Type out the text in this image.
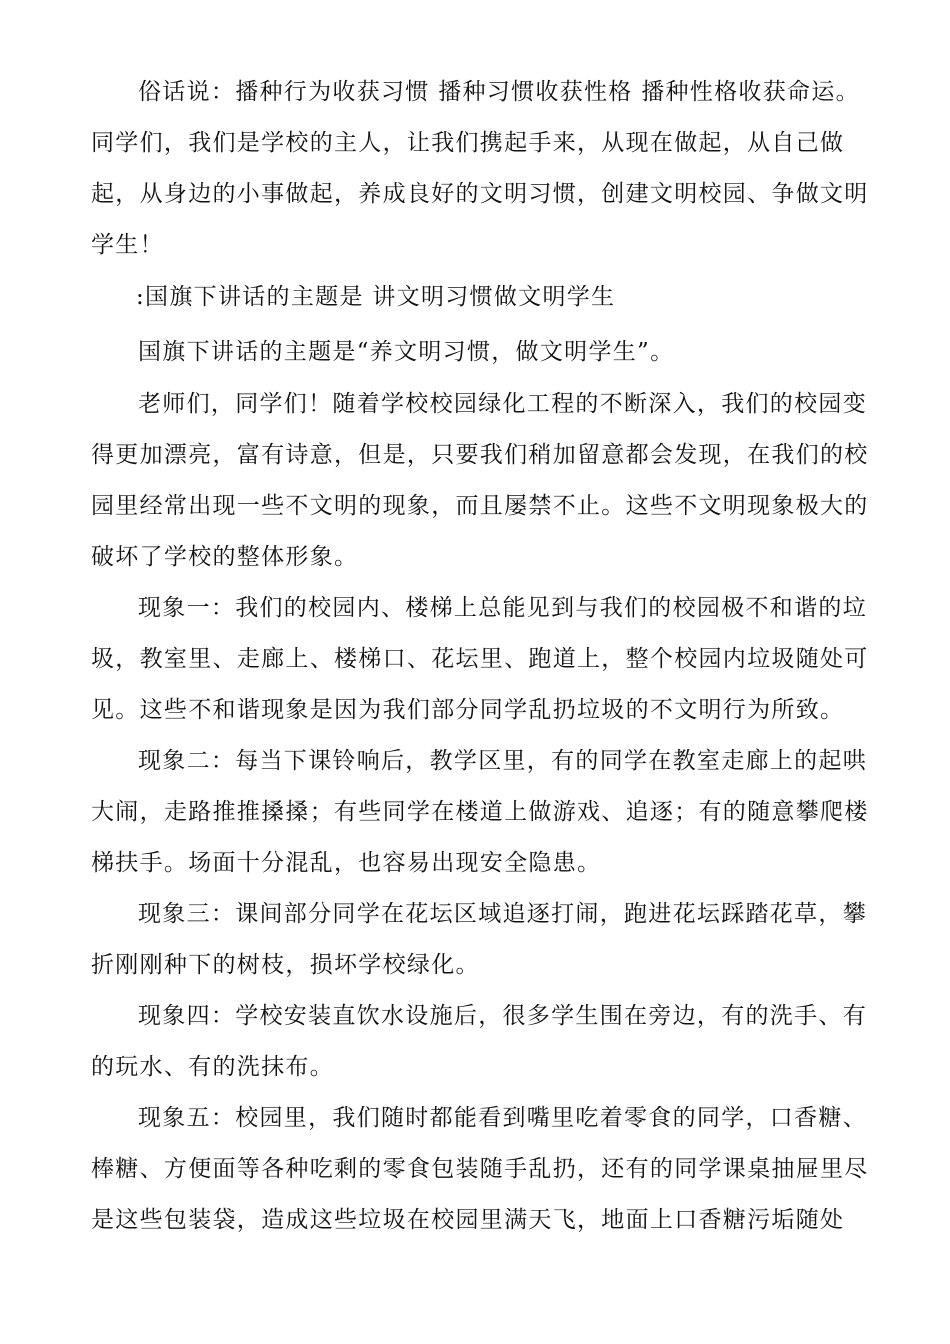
俗话说：播种行为收获习惯 播种习惯收获性格 播种性格收获命运。
同学们，我们是学校的主人，让我们携起手来，从现在做起，从自己做
起，从身边的小事做起，养成良好的文明习惯，创建文明校园、争做文明
学生！
:国旗下讲话的主题是 讲文明习惯做文明学生
国旗下讲话的主题是“养文明习惯，做文明学生”。
老师们，同学们！随着学校校园绿化工程的不断深入，我们的校园变
得更加漂亮，富有诗意，但是，只要我们稍加留意都会发现，在我们的校
园里经常出现一些不文明的现象，而且屡禁不止。这些不文明现象极大的
破坏了学校的整体形象。
现象一：我们的校园内、楼梯上总能见到与我们的校园极不和谐的垃
圾，教室里、走廊上、楼梯口、花坛里、跑道上，整个校园内垃圾随处可
见。这些不和谐现象是因为我们部分同学乱扔垃圾的不文明行为所致。
现象二：每当下课铃响后，教学区里，有的同学在教室走廊上的起哄
大闹，走路推推搡搡；有些同学在楼道上做游戏、追逐；有的随意攀爬楼
梯扶手。场面十分混乱，也容易出现安全隐患。
现象三：课间部分同学在花坛区域追逐打闹，跑进花坛踩踏花草，攀
折刚刚种下的树枝，损坏学校绿化。
现象四：学校安装直饮水设施后，很多学生围在旁边，有的洗手、有
的玩水、有的洗抹布。
现象五：校园里，我们随时都能看到嘴里吃着零食的同学，口香糖、
棒糖、方便面等各种吃剩的零食包装随手乱扔，还有的同学课桌抽屉里尽
是这些包装袋，造成这些垃圾在校园里满天飞，地面上口香糖污垢随处
